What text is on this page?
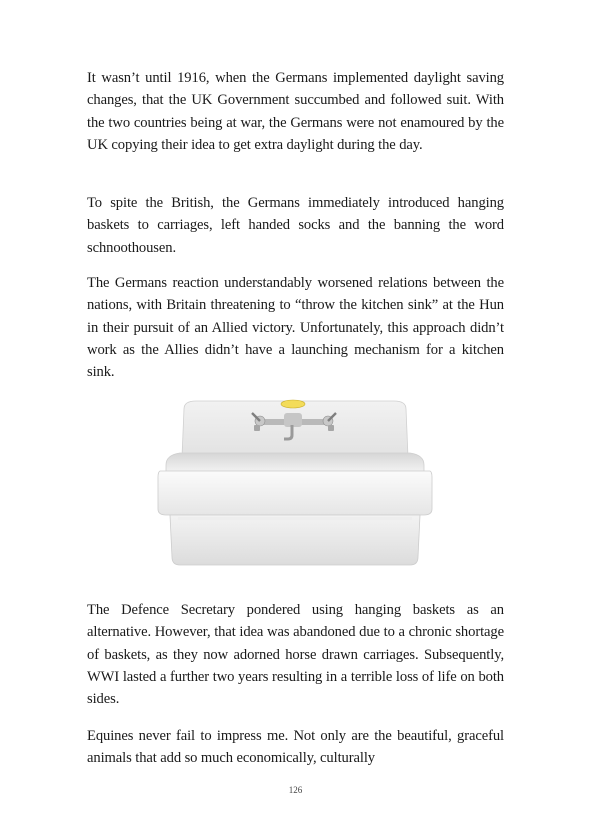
It wasn’t until 1916, when the Germans implemented daylight saving changes, that the UK Government succumbed and followed suit. With the two countries being at war, the Germans were not enamoured by the UK copying their idea to get extra daylight during the day.

To spite the British, the Germans immediately introduced hanging baskets to carriages, left handed socks and the banning the word schnoothousen.

The Germans reaction understandably worsened relations between the nations, with Britain threatening to “throw the kitchen sink” at the Hun in their pursuit of an Allied victory. Unfortunately, this approach didn’t work as the Allies didn’t have a launching mechanism for a kitchen sink.

The Defence Secretary pondered using hanging baskets as an alternative. However, that idea was abandoned due to a chronic shortage of baskets, as they now adorned horse drawn carriages. Subsequently, WWI lasted a further two years resulting in a terrible loss of life on both sides.

Equines never fail to impress me. Not only are the beautiful, graceful animals that add so much economically, culturally

126
